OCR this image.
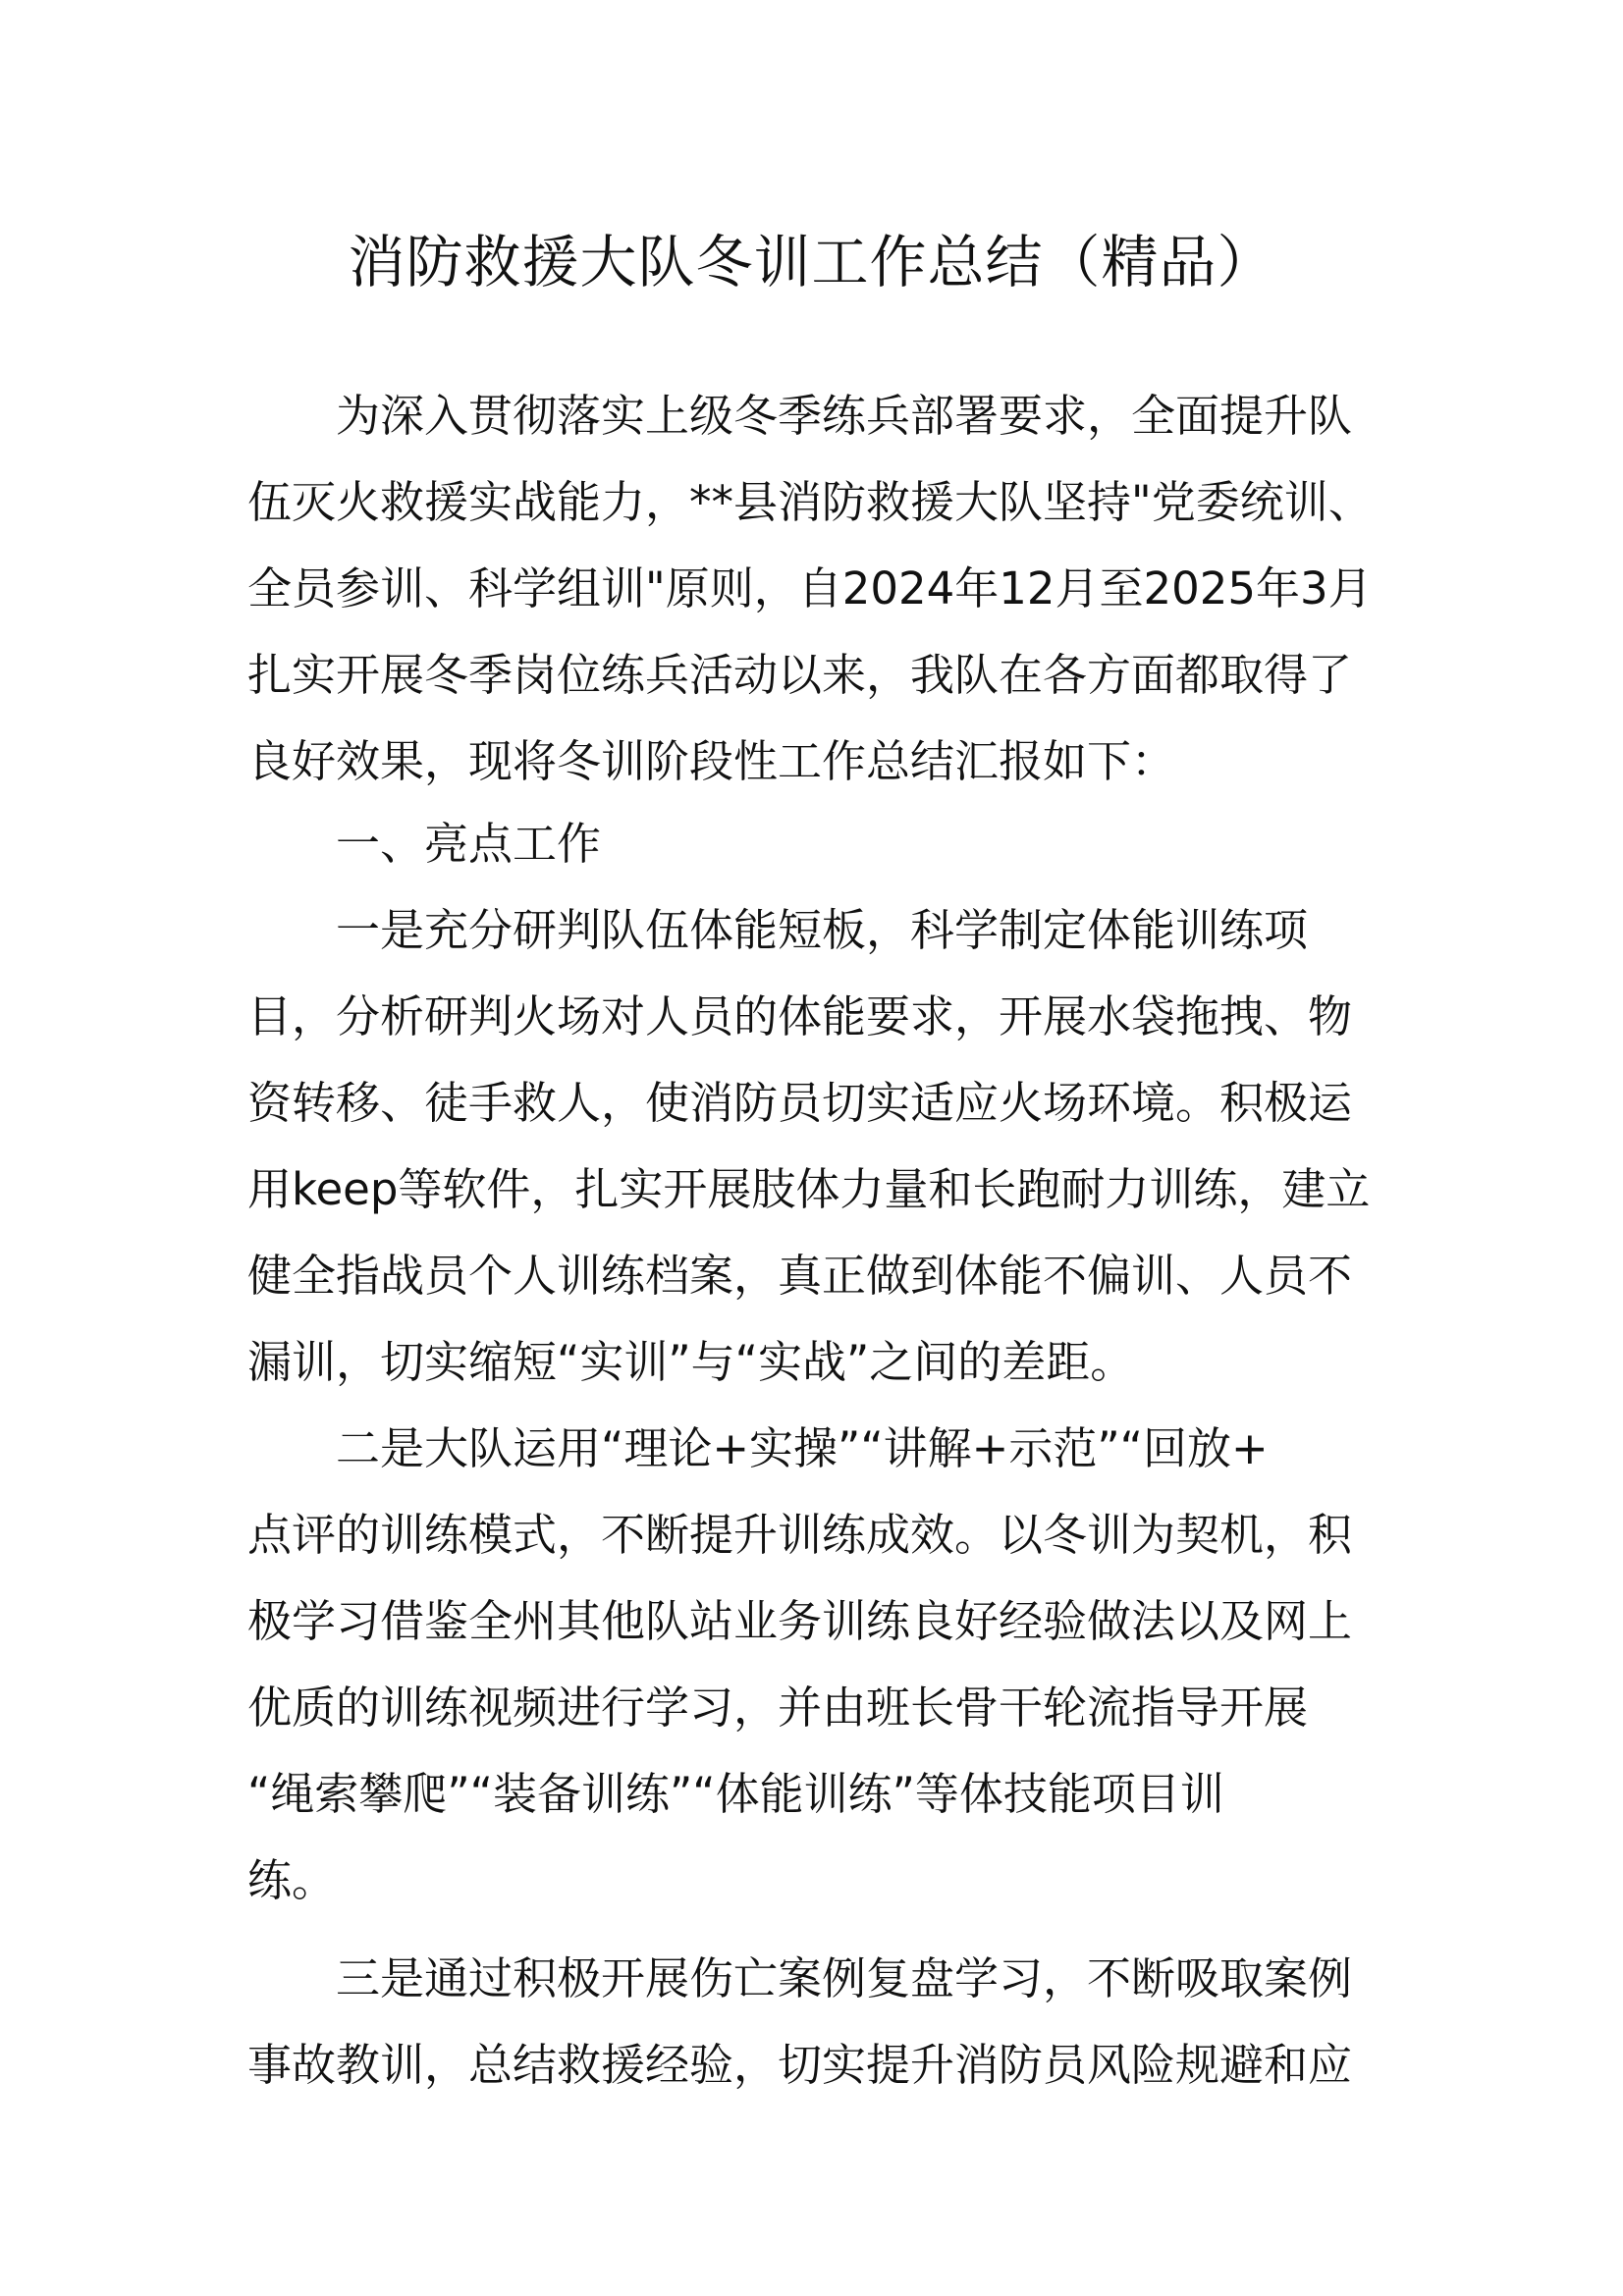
消防救援大队冬训工作总结（精品）
为深入贯彻落实上级冬季练兵部署要求，全面提升队
伍灭火救援实战能力，**县消防救援大队坚持"党委统训、
全员参训、科学组训"原则，自2024年12月至2025年3月
扎实开展冬季岗位练兵活动以来，我队在各方面都取得了
良好效果，现将冬训阶段性工作总结汇报如下：
一、亮点工作
一是充分研判队伍体能短板，科学制定体能训练项
目，分析研判火场对人员的体能要求，开展水袋拖拽、物
资转移、徒手救人，使消防员切实适应火场环境。积极运
用keep等软件，扎实开展肢体力量和长跑耐力训练，建立
健全指战员个人训练档案，真正做到体能不偏训、人员不
漏训，切实缩短“实训”与“实战”之间的差距。
二是大队运用“理论+实操”“讲解+示范”“回放+
点评的训练模式，不断提升训练成效。以冬训为契机，积
极学习借鉴全州其他队站业务训练良好经验做法以及网上
优质的训练视频进行学习，并由班长骨干轮流指导开展
“绳索攀爬”“装备训练”“体能训练”等体技能项目训
练。
三是通过积极开展伤亡案例复盘学习，不断吸取案例
事故教训，总结救援经验，切实提升消防员风险规避和应
